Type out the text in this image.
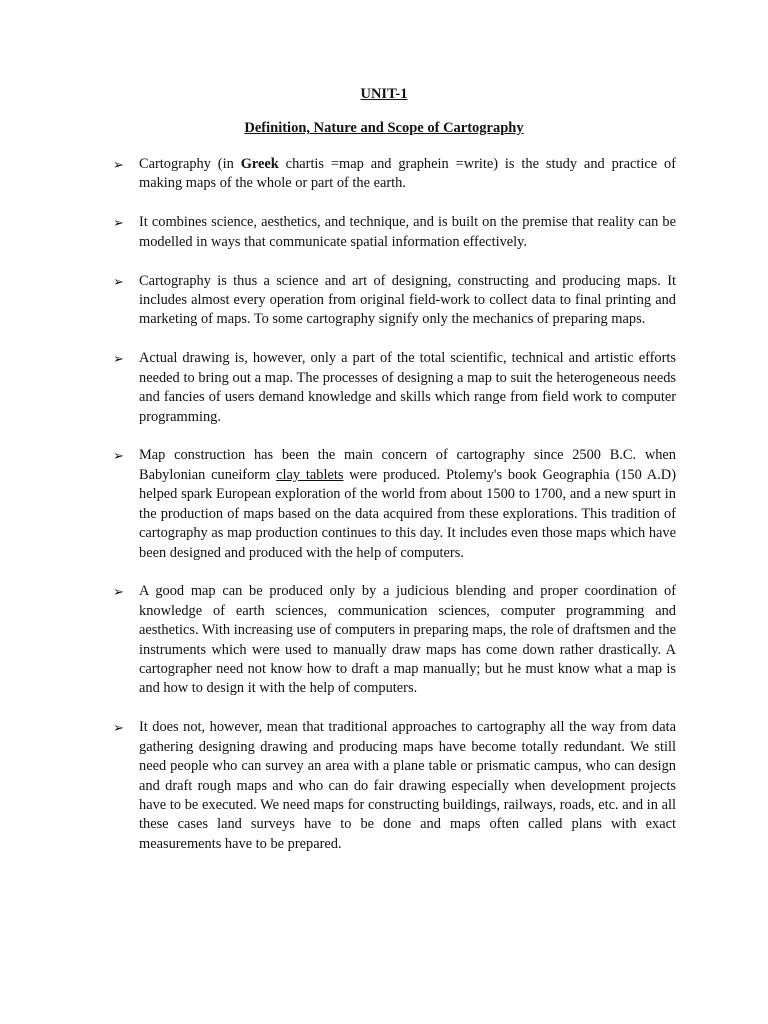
UNIT-1
Definition, Nature and Scope of Cartography
➢ Cartography (in Greek chartis =map and graphein =write) is the study and practice of making maps of the whole or part of the earth.
➢ It combines science, aesthetics, and technique, and is built on the premise that reality can be modelled in ways that communicate spatial information effectively.
➢ Cartography is thus a science and art of designing, constructing and producing maps. It includes almost every operation from original field-work to collect data to final printing and marketing of maps. To some cartography signify only the mechanics of preparing maps.
➢ Actual drawing is, however, only a part of the total scientific, technical and artistic efforts needed to bring out a map. The processes of designing a map to suit the heterogeneous needs and fancies of users demand knowledge and skills which range from field work to computer programming.
➢ Map construction has been the main concern of cartography since 2500 B.C. when Babylonian cuneiform clay tablets were produced. Ptolemy's book Geographia (150 A.D) helped spark European exploration of the world from about 1500 to 1700, and a new spurt in the production of maps based on the data acquired from these explorations. This tradition of cartography as map production continues to this day. It includes even those maps which have been designed and produced with the help of computers.
➢ A good map can be produced only by a judicious blending and proper coordination of knowledge of earth sciences, communication sciences, computer programming and aesthetics. With increasing use of computers in preparing maps, the role of draftsmen and the instruments which were used to manually draw maps has come down rather drastically. A cartographer need not know how to draft a map manually; but he must know what a map is and how to design it with the help of computers.
➢ It does not, however, mean that traditional approaches to cartography all the way from data gathering designing drawing and producing maps have become totally redundant. We still need people who can survey an area with a plane table or prismatic campus, who can design and draft rough maps and who can do fair drawing especially when development projects have to be executed. We need maps for constructing buildings, railways, roads, etc. and in all these cases land surveys have to be done and maps often called plans with exact measurements have to be prepared.
